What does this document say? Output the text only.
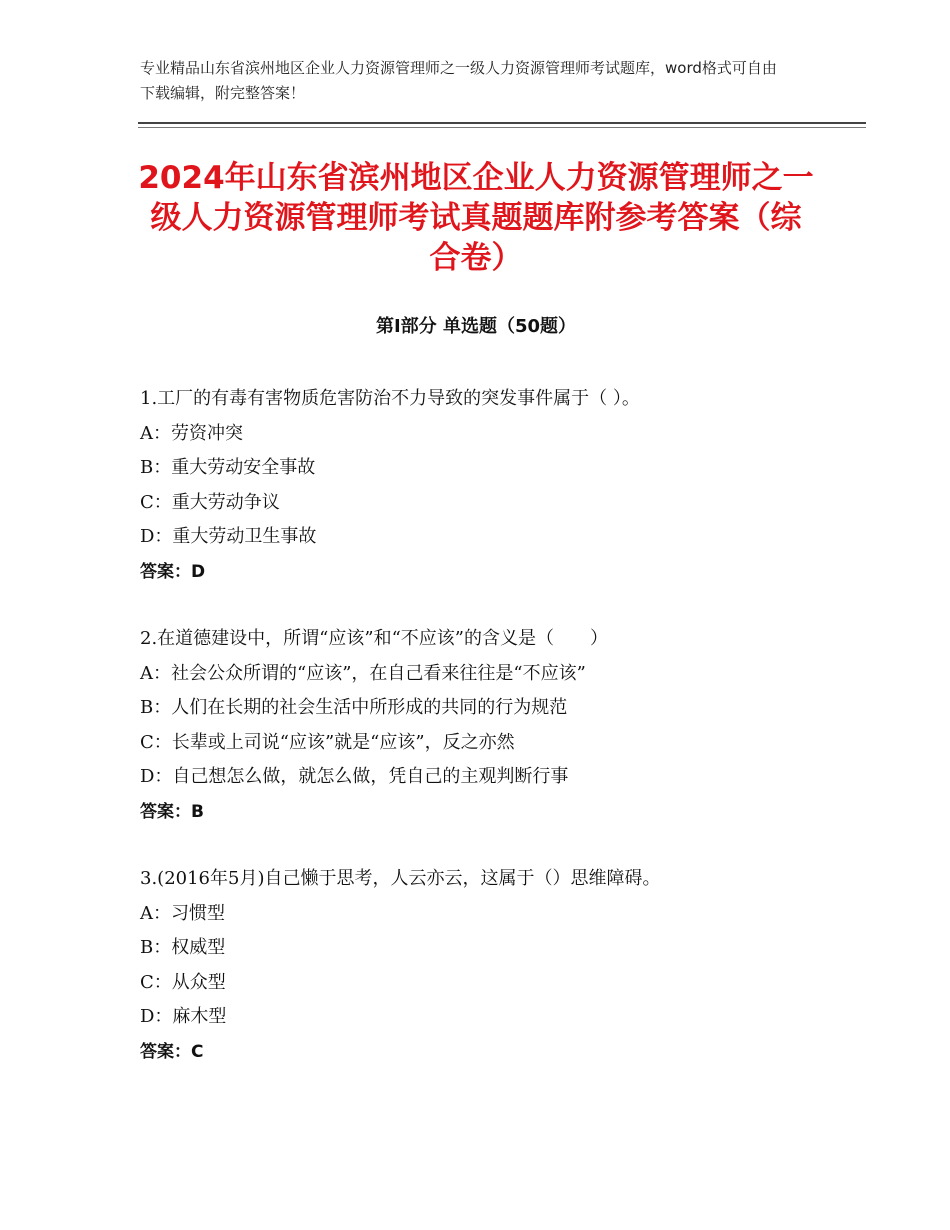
专业精品山东省滨州地区企业人力资源管理师之一级人力资源管理师考试题库，word格式可自由下载编辑，附完整答案！
2024年山东省滨州地区企业人力资源管理师之一级人力资源管理师考试真题题库附参考答案（综合卷）
第Ⅰ部分 单选题（50题）
1.工厂的有毒有害物质危害防治不力导致的突发事件属于（ ）。
A：劳资冲突
B：重大劳动安全事故
C：重大劳动争议
D：重大劳动卫生事故
答案：D
2.在道德建设中，所谓“应该”和“不应该”的含义是（　　）
A：社会公众所谓的“应该”，在自己看来往往是“不应该”
B：人们在长期的社会生活中所形成的共同的行为规范
C：长辈或上司说“应该”就是“应该”，反之亦然
D：自己想怎么做，就怎么做，凭自己的主观判断行事
答案：B
3.(2016年5月)自己懒于思考，人云亦云，这属于（）思维障碍。
A：习惯型
B：权威型
C：从众型
D：麻木型
答案：C
